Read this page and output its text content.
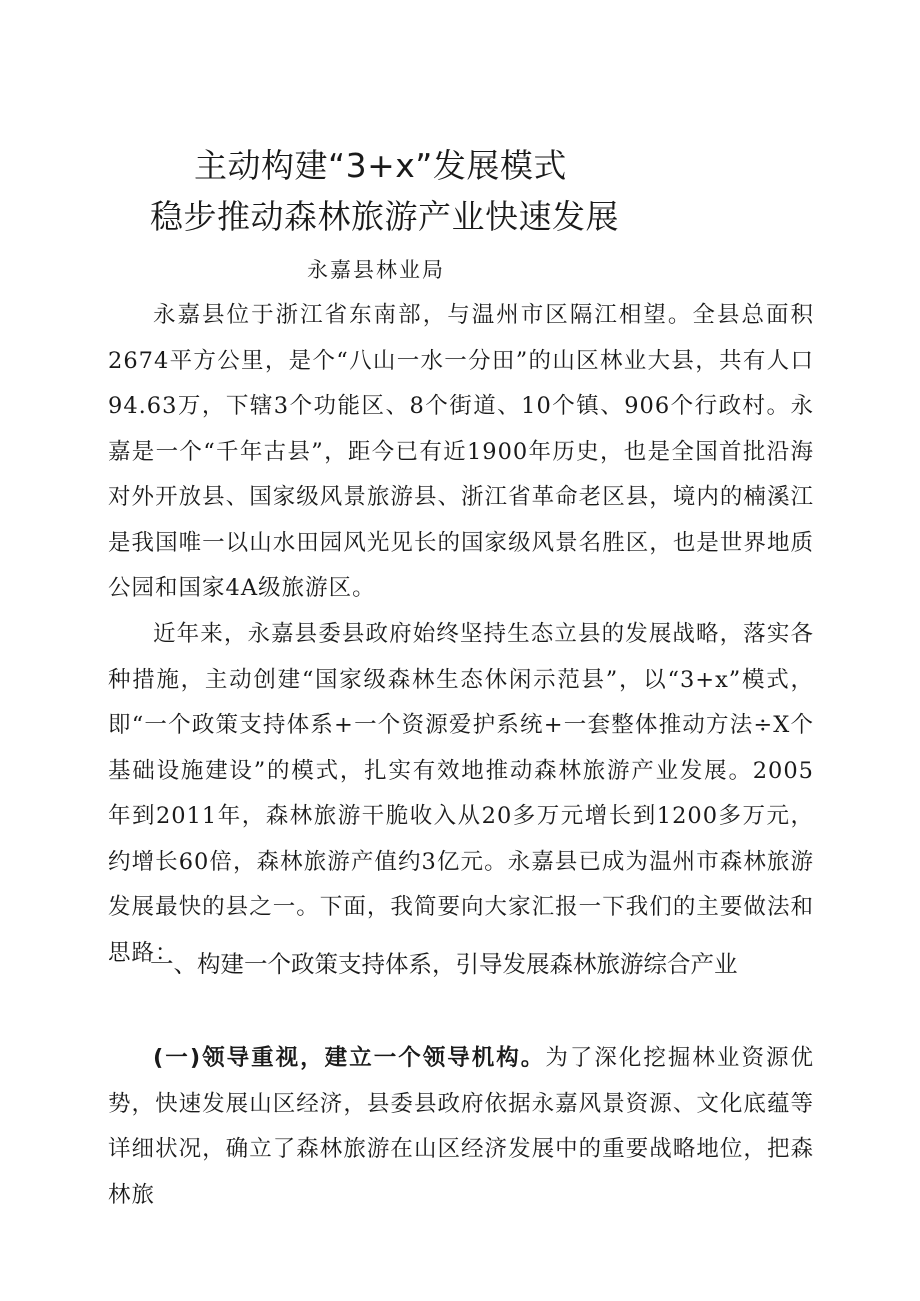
主动构建“3+x”发展模式
稳步推动森林旅游产业快速发展
永嘉县林业局

永嘉县位于浙江省东南部，与温州市区隔江相望。全县总面积2674平方公里，是个“八山一水一分田”的山区林业大县，共有人口94.63万，下辖3个功能区、8个街道、10个镇、906个行政村。永嘉是一个“千年古县”，距今已有近1900年历史，也是全国首批沿海对外开放县、国家级风景旅游县、浙江省革命老区县，境内的楠溪江是我国唯一以山水田园风光见长的国家级风景名胜区，也是世界地质公园和国家4A级旅游区。

近年来，永嘉县委县政府始终坚持生态立县的发展战略，落实各种措施，主动创建“国家级森林生态休闲示范县”，以“3+x”模式，即“一个政策支持体系+一个资源爱护系统+一套整体推动方法÷X个基础设施建设”的模式，扎实有效地推动森林旅游产业发展。2005年到2011年，森林旅游干脆收入从20多万元增长到1200多万元，约增长60倍，森林旅游产值约3亿元。永嘉县已成为温州市森林旅游发展最快的县之一。下面，我简要向大家汇报一下我们的主要做法和思路：

一、构建一个政策支持体系，引导发展森林旅游综合产业

(一)领导重视，建立一个领导机构。为了深化挖掘林业资源优势，快速发展山区经济，县委县政府依据永嘉风景资源、文化底蕴等详细状况，确立了森林旅游在山区经济发展中的重要战略地位，把森林旅
